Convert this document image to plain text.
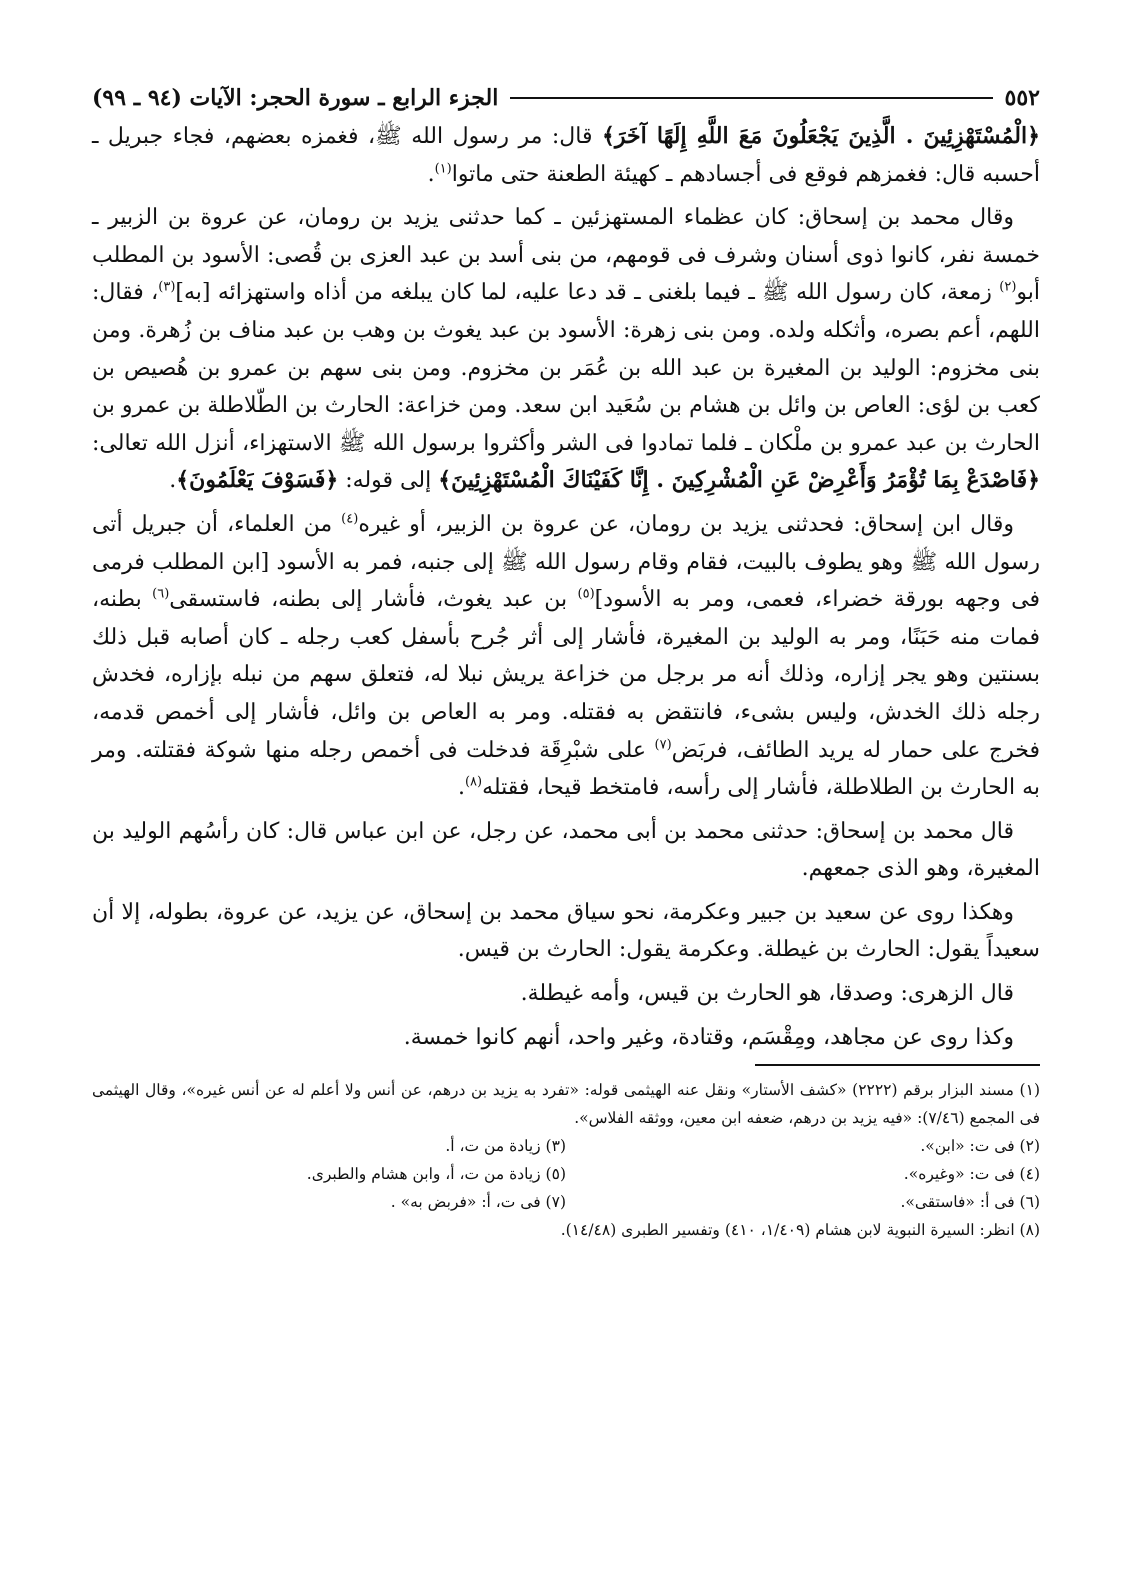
٥٥٢
الجزء الرابع ـ سورة الحجر: الآيات (٩٤ ـ ٩٩)

﴿الْمُسْتَهْزِئِينَ . الَّذِينَ يَجْعَلُونَ مَعَ اللَّهِ إِلَهًا آخَرَ﴾ قال: مر رسول الله ﷺ، فغمزه بعضهم، فجاء جبريل ـ أحسبه قال: فغمزهم فوقع فى أجسادهم ـ كهيئة الطعنة حتى ماتوا$^{(١)}$.

وقال محمد بن إسحاق: كان عظماء المستهزئين ـ كما حدثنى يزيد بن رومان، عن عروة بن الزبير ـ خمسة نفر، كانوا ذوى أسنان وشرف فى قومهم، من بنى أسد بن عبد العزى بن قُصى: الأسود بن المطلب أبو$^{(٢)}$ زمعة، كان رسول الله ﷺ ـ فيما بلغنى ـ قد دعا عليه، لما كان يبلغه من أذاه واستهزائه [به]$^{(٣)}$، فقال: اللهم، أعم بصره، وأثكله ولده. ومن بنى زهرة: الأسود بن عبد يغوث بن وهب بن عبد مناف بن زُهرة. ومن بنى مخزوم: الوليد بن المغيرة بن عبد الله بن عُمَر بن مخزوم. ومن بنى سهم بن عمرو بن هُصيص بن كعب بن لؤى: العاص بن وائل بن هشام بن سُعَيد ابن سعد. ومن خزاعة: الحارث بن الطّلاطلة بن عمرو بن الحارث بن عبد عمرو بن ملْكان ـ فلما تمادوا فى الشر وأكثروا برسول الله ﷺ الاستهزاء، أنزل الله تعالى: ﴿فَاصْدَعْ بِمَا تُؤْمَرُ وَأَعْرِضْ عَنِ الْمُشْرِكِينَ . إِنَّا كَفَيْنَاكَ الْمُسْتَهْزِئِينَ﴾ إلى قوله: ﴿فَسَوْفَ يَعْلَمُونَ﴾.

وقال ابن إسحاق: فحدثنى يزيد بن رومان، عن عروة بن الزبير، أو غيره$^{(٤)}$ من العلماء، أن جبريل أتى رسول الله ﷺ وهو يطوف بالبيت، فقام وقام رسول الله ﷺ إلى جنبه، فمر به الأسود [ابن المطلب فرمى فى وجهه بورقة خضراء، فعمى، ومر به الأسود]$^{(٥)}$ بن عبد يغوث، فأشار إلى بطنه، فاستسقى$^{(٦)}$ بطنه، فمات منه حَبَنًا، ومر به الوليد بن المغيرة، فأشار إلى أثر جُرح بأسفل كعب رجله ـ كان أصابه قبل ذلك بسنتين وهو يجر إزاره، وذلك أنه مر برجل من خزاعة يريش نبلا له، فتعلق سهم من نبله بإزاره، فخدش رجله ذلك الخدش، وليس بشىء، فانتقض به فقتله. ومر به العاص بن وائل، فأشار إلى أخمص قدمه، فخرج على حمار له يريد الطائف، فربَض$^{(٧)}$ على شبْرِقَة فدخلت فى أخمص رجله منها شوكة فقتلته. ومر به الحارث بن الطلاطلة، فأشار إلى رأسه، فامتخط قيحا، فقتله$^{(٨)}$.

قال محمد بن إسحاق: حدثنى محمد بن أبى محمد، عن رجل، عن ابن عباس قال: كان رأسُهم الوليد بن المغيرة، وهو الذى جمعهم.

وهكذا روى عن سعيد بن جبير وعكرمة، نحو سياق محمد بن إسحاق، عن يزيد، عن عروة، بطوله، إلا أن سعيداً يقول: الحارث بن غيطلة. وعكرمة يقول: الحارث بن قيس.

قال الزهرى: وصدقا، هو الحارث بن قيس، وأمه غيطلة.

وكذا روى عن مجاهد، ومِقْسَم، وقتادة، وغير واحد، أنهم كانوا خمسة.

(١) مسند البزار برقم (٢٢٢٢) «كشف الأستار» ونقل عنه الهيثمى قوله: «تفرد به يزيد بن درهم، عن أنس ولا أعلم له عن أنس غيره»، وقال الهيثمى فى المجمع (٧/٤٦): «فيه يزيد بن درهم، ضعفه ابن معين، ووثقه الفلاس».
(٢) فى ت: «ابن».
(٣) زيادة من ت، أ.
(٤) فى ت: «وغيره».
(٥) زيادة من ت، أ، وابن هشام والطبرى.
(٦) فى أ: «فاستقى».
(٧) فى ت، أ: «فربض به» .
(٨) انظر: السيرة النبوية لابن هشام (١/٤٠٩، ٤١٠) وتفسير الطبرى (١٤/٤٨).
